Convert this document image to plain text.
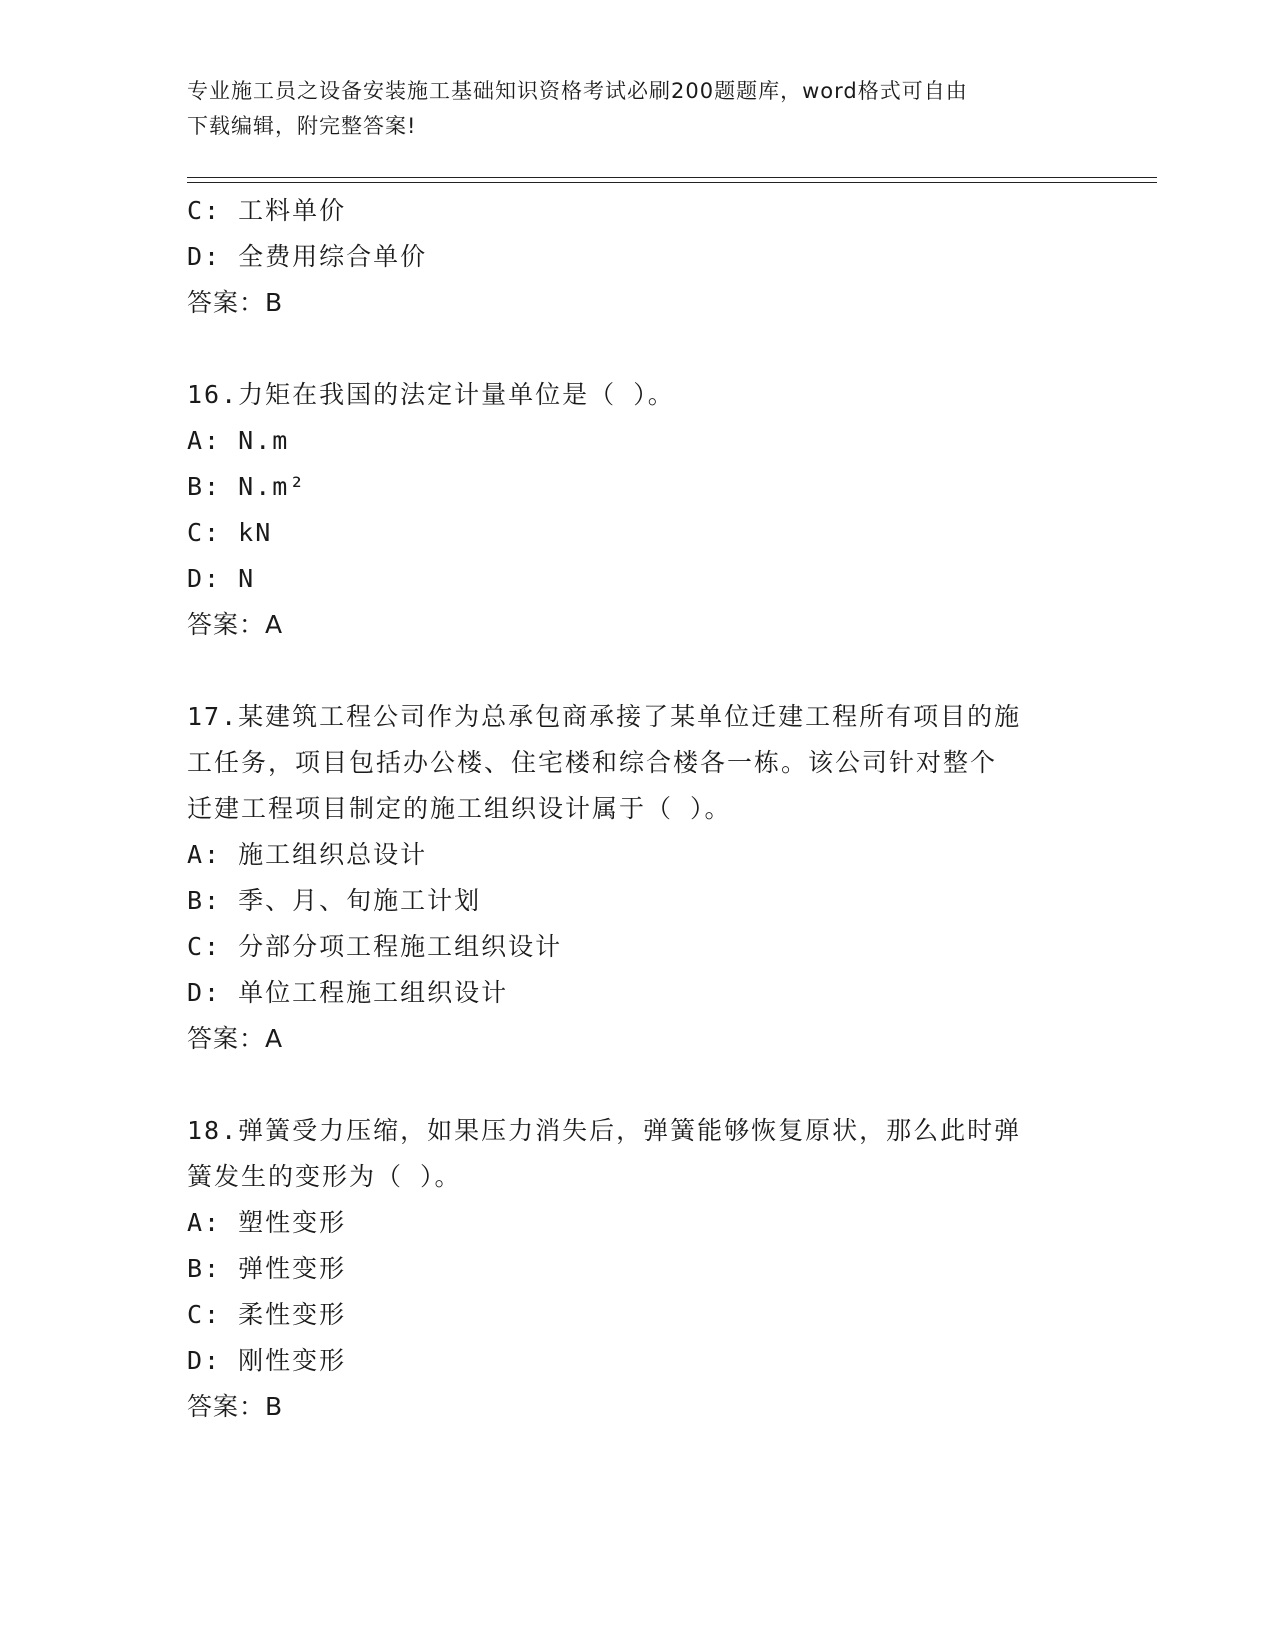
专业施工员之设备安装施工基础知识资格考试必刷200题题库，word格式可自由
下载编辑，附完整答案!
C: 工料单价
D: 全费用综合单价
答案：B
16.力矩在我国的法定计量单位是（ ）。
A: N.m
B: N.m²
C: kN
D: N
答案：A
17.某建筑工程公司作为总承包商承接了某单位迁建工程所有项目的施
工任务，项目包括办公楼、住宅楼和综合楼各一栋。该公司针对整个
迁建工程项目制定的施工组织设计属于（ ）。
A: 施工组织总设计
B: 季、月、旬施工计划
C: 分部分项工程施工组织设计
D: 单位工程施工组织设计
答案：A
18.弹簧受力压缩，如果压力消失后，弹簧能够恢复原状，那么此时弹
簧发生的变形为（ ）。
A: 塑性变形
B: 弹性变形
C: 柔性变形
D: 刚性变形
答案：B
